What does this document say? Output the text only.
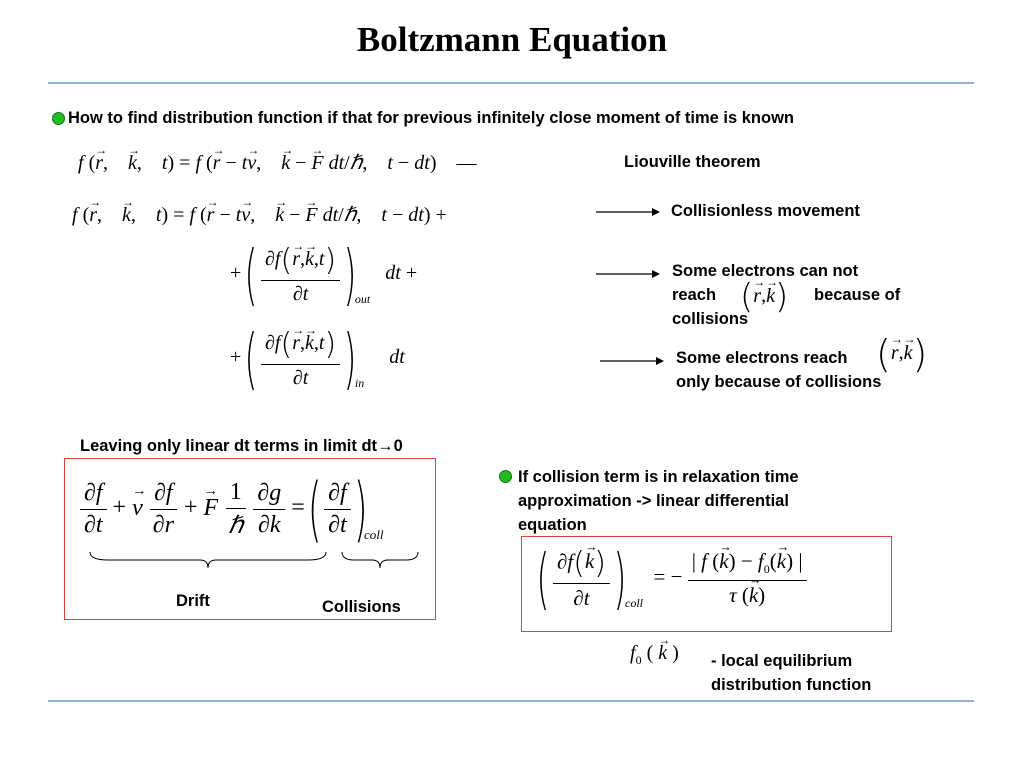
Boltzmann Equation
How to find distribution function if that for previous infinitely close moment of time is known
f (→ r,    → k,    t) = f (→ r − t→ v,    → k − → F dt/ℏ,    t − dt)    —	Liouville theorem
f (→ r,    → k,    t) = f (→ r − t→ v,    → k − → F dt/ℏ,    t − dt) +	Collisionless movement
+ ( $\frac{\partial f(\to r,\to k,t)}{\partial t} )_{out}$   dt +	Some electrons can not
reach (→ r,→ k) because of
collisions
+ ( $\frac{\partial f(\to r,\to k,t)}{\partial t} )_{in}$     dt	Some electrons reach (→ r,→ k)
only because of collisions
Leaving only linear dt terms in limit dt→0
$\frac{\partial f}{\partial t}$ + → v $\frac{\partial f}{\partial r}$ + → F $\frac{1}{\text{ℏ}}$
$\frac{\partial g}{\partial k}$ = ( $\frac{\partial f}{\partial t} )_{coll}$
Drift	Collisions
If collision term is in relaxation time
approximation -> linear differential
equation
( $\frac{\partial f(\to k)}{\partial t} )_{coll}$  = − $\frac{| f (\to k) - f_0(\to k) |}{\tau (\to k)}$
$f_0$ ( → k ) - local equilibrium
distribution function
